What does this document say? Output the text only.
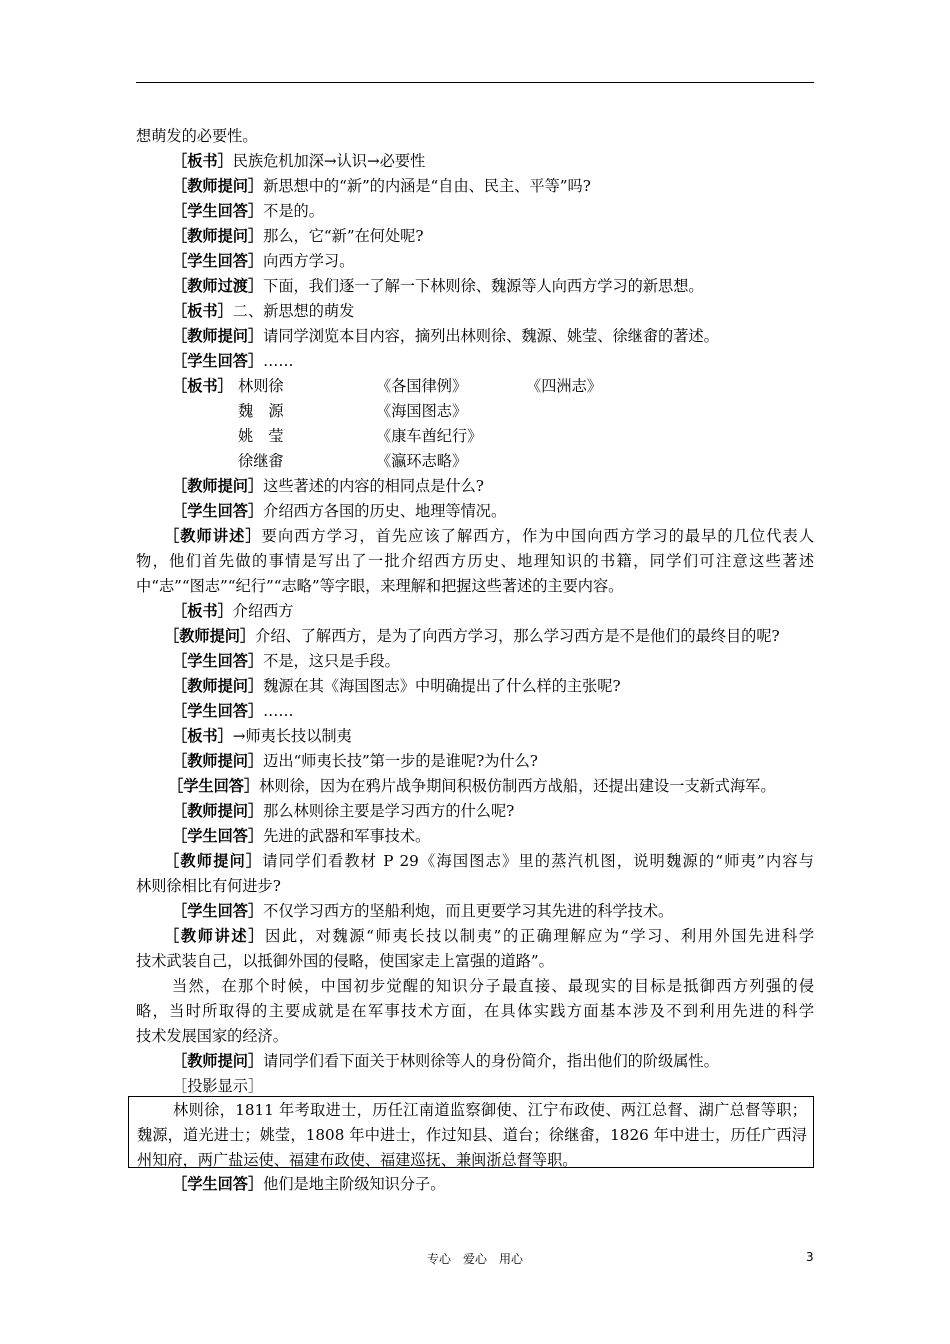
想萌发的必要性。
［板书］民族危机加深→认识→必要性
［教师提问］新思想中的“新”的内涵是“自由、民主、平等”吗?
［学生回答］不是的。
［教师提问］那么，它“新”在何处呢?
［学生回答］向西方学习。
［教师过渡］下面，我们逐一了解一下林则徐、魏源等人向西方学习的新思想。
［板书］二、新思想的萌发
［教师提问］请同学浏览本目内容，摘列出林则徐、魏源、姚莹、徐继畬的著述。
［学生回答］……
［板书］ 林则徐	《各国律例》	《四洲志》
魏　源	《海国图志》
姚　莹	《康车酋纪行》
徐继畬	《瀛环志略》
［教师提问］这些著述的内容的相同点是什么?
［学生回答］介绍西方各国的历史、地理等情况。
［教师讲述］要向西方学习，首先应该了解西方，作为中国向西方学习的最早的几位代表人
物，他们首先做的事情是写出了一批介绍西方历史、地理知识的书籍，同学们可注意这些著述
中“志”“图志”“纪行”“志略”等字眼，来理解和把握这些著述的主要内容。
［板书］介绍西方
［教师提问］介绍、了解西方，是为了向西方学习，那么学习西方是不是他们的最终目的呢?
［学生回答］不是，这只是手段。
［教师提问］魏源在其《海国图志》中明确提出了什么样的主张呢?
［学生回答］……
［板书］→师夷长技以制夷
［教师提问］迈出“师夷长技”第一步的是谁呢?为什么?
［学生回答］林则徐，因为在鸦片战争期间积极仿制西方战船，还提出建设一支新式海军。
［教师提问］那么林则徐主要是学习西方的什么呢?
［学生回答］先进的武器和军事技术。
［教师提问］请同学们看教材 P 29《海国图志》里的蒸汽机图，说明魏源的“师夷”内容与
林则徐相比有何进步?
［学生回答］不仅学习西方的坚船利炮，而且更要学习其先进的科学技术。
［教师讲述］因此，对魏源“师夷长技以制夷”的正确理解应为“学习、利用外国先进科学
技术武装自己，以抵御外国的侵略，使国家走上富强的道路”。
当然，在那个时候，中国初步觉醒的知识分子最直接、最现实的目标是抵御西方列强的侵
略，当时所取得的主要成就是在军事技术方面，在具体实践方面基本涉及不到利用先进的科学
技术发展国家的经济。
［教师提问］请同学们看下面关于林则徐等人的身份简介，指出他们的阶级属性。
［投影显示］
林则徐，1811 年考取进士，历任江南道监察御使、江宁布政使、两江总督、湖广总督等职；
魏源，道光进士；姚莹，1808 年中进士，作过知县、道台；徐继畬，1826 年中进士，历任广西浔
州知府，两广盐运使、福建布政使、福建巡抚、兼闽浙总督等职。
［学生回答］他们是地主阶级知识分子。
专心　爱心　用心	3
